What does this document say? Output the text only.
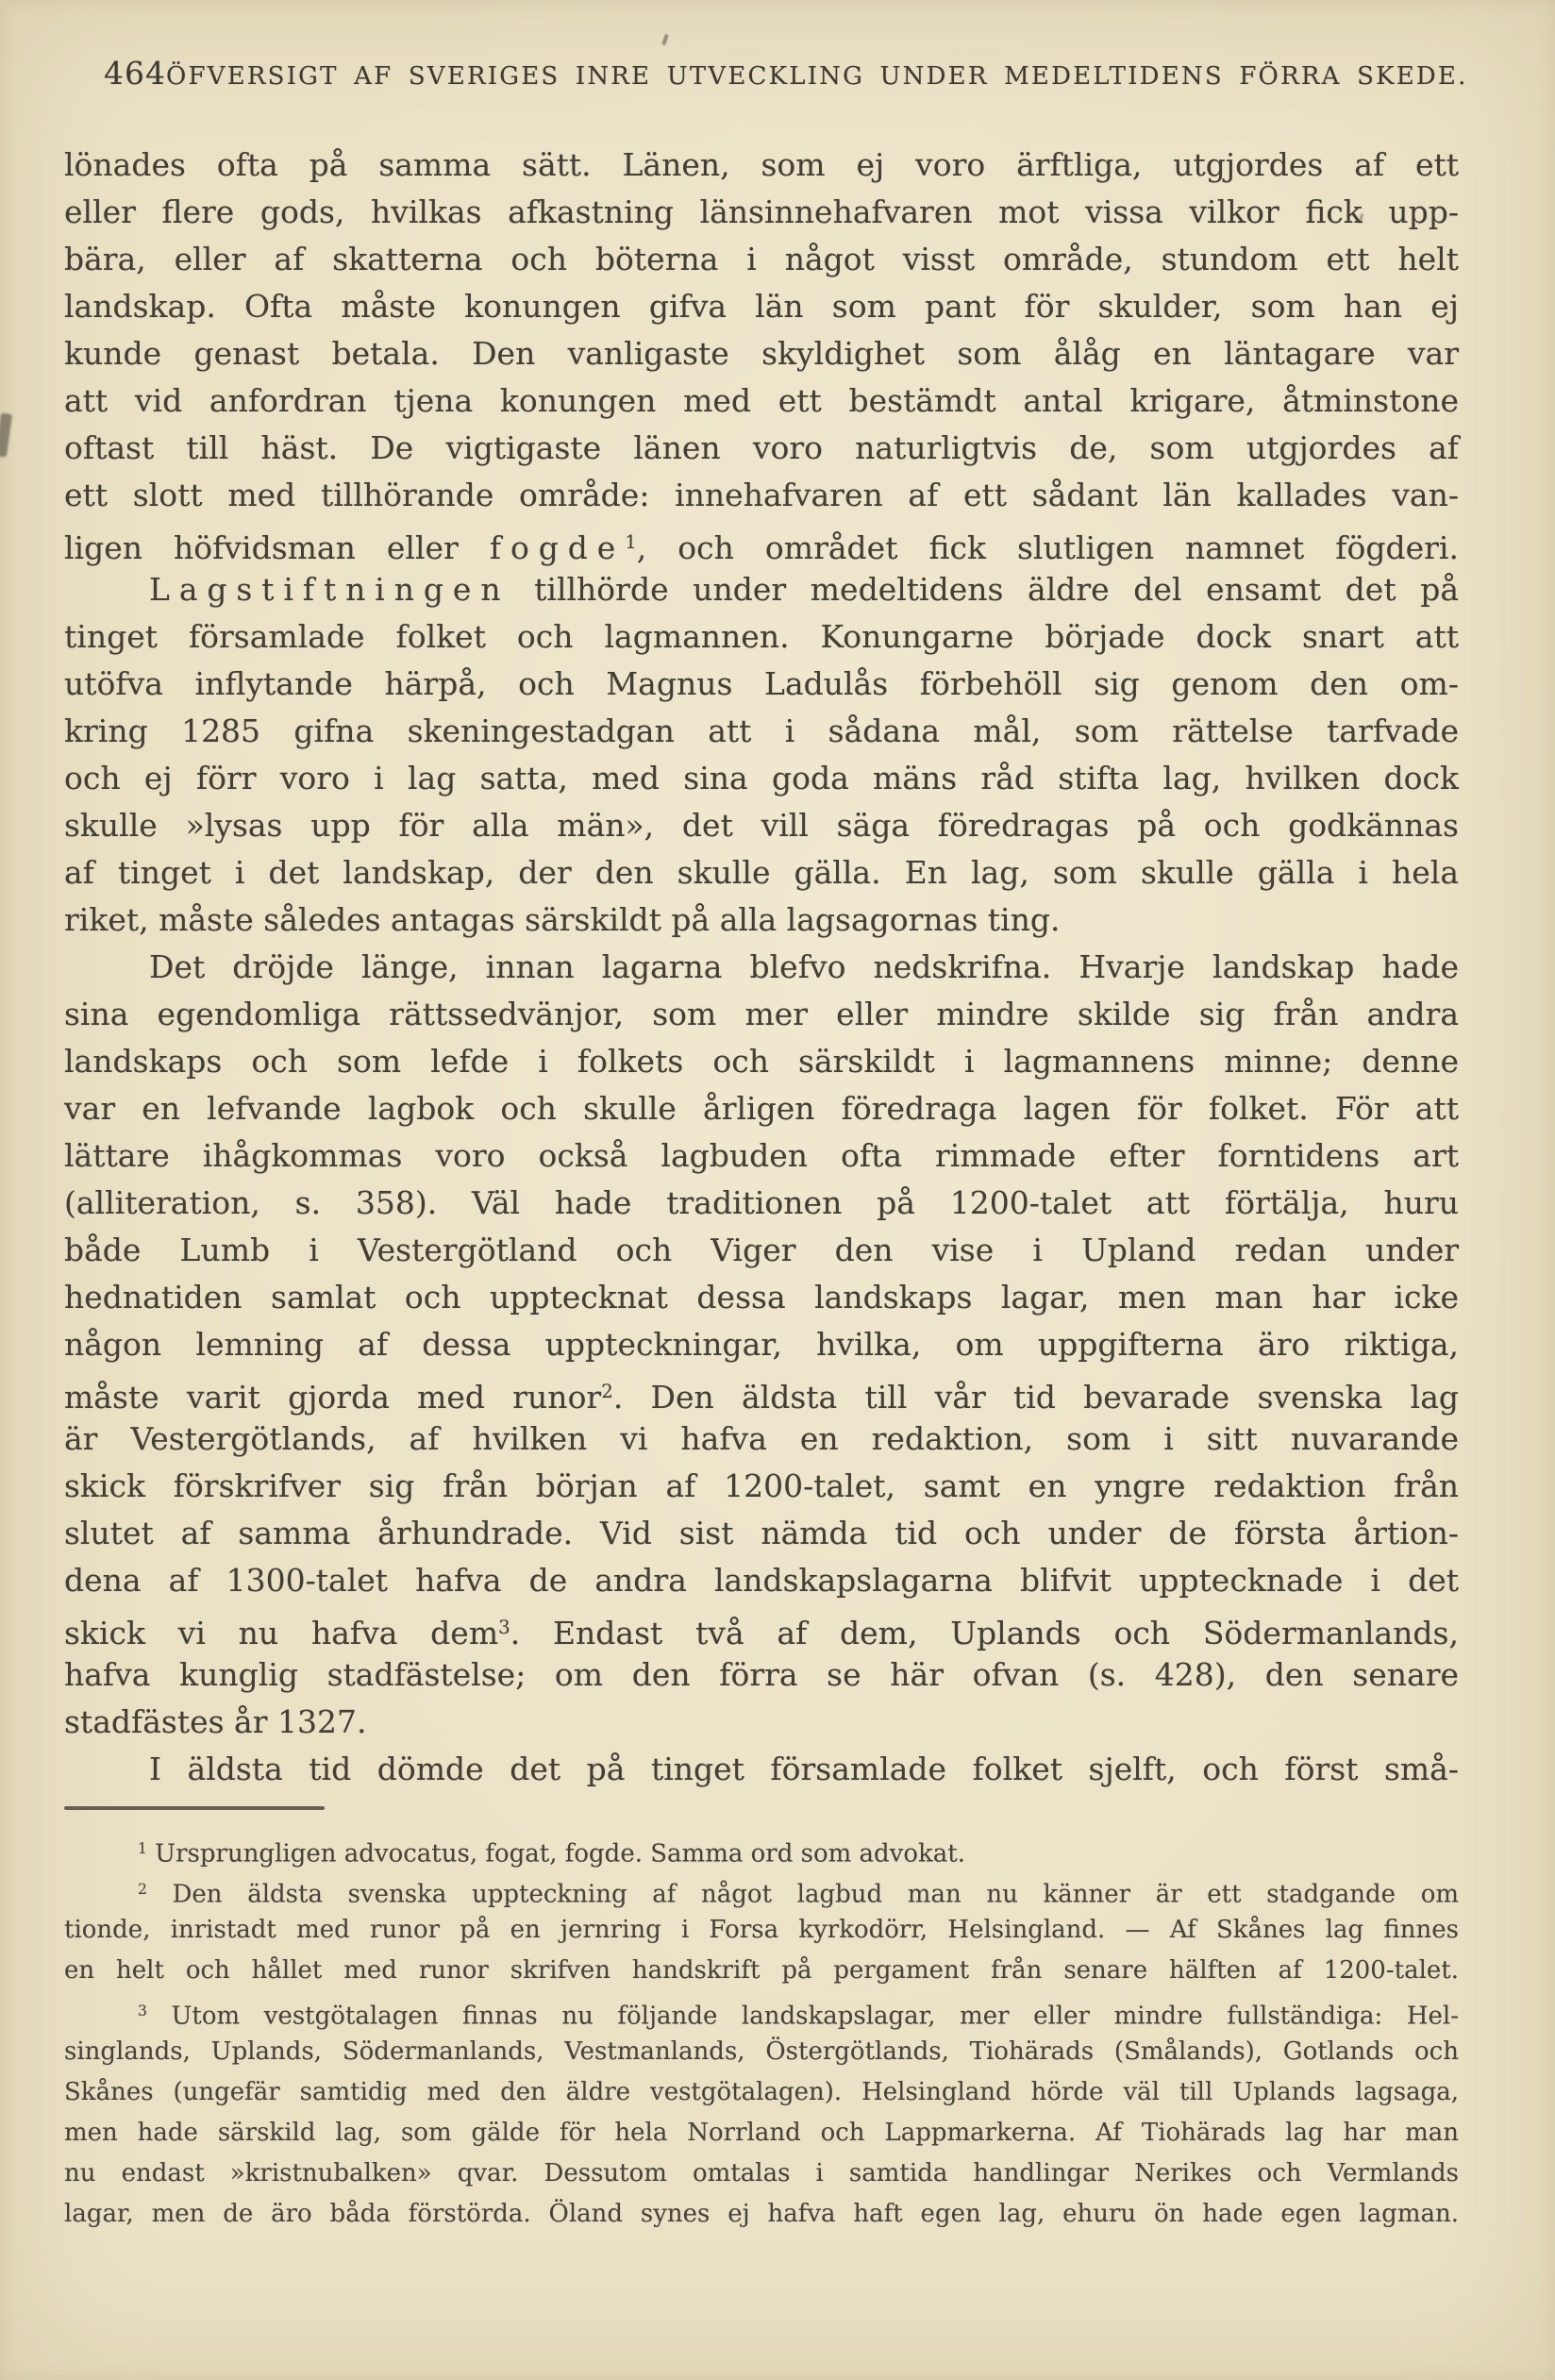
464 ÖFVERSIGT AF SVERIGES INRE UTVECKLING UNDER MEDELTIDENS FÖRRA SKEDE.
lönades ofta på samma sätt. Länen, som ej voro ärftliga, utgjordes af ett
eller flere gods, hvilkas afkastning länsinnehafvaren mot vissa vilkor fick upp-
bära, eller af skatterna och böterna i något visst område, stundom ett helt
landskap. Ofta måste konungen gifva län som pant för skulder, som han ej
kunde genast betala. Den vanligaste skyldighet som ålåg en läntagare var
att vid anfordran tjena konungen med ett bestämdt antal krigare, åtminstone
oftast till häst. De vigtigaste länen voro naturligtvis de, som utgjordes af
ett slott med tillhörande område: innehafvaren af ett sådant län kallades van-
ligen höfvidsman eller fogde$^1$, och området fick slutligen namnet fögderi.
Lagstiftningen tillhörde under medeltidens äldre del ensamt det på
tinget församlade folket och lagmannen. Konungarne började dock snart att
utöfva inflytande härpå, och Magnus Ladulås förbehöll sig genom den om-
kring 1285 gifna skeningestadgan att i sådana mål, som rättelse tarfvade
och ej förr voro i lag satta, med sina goda mäns råd stifta lag, hvilken dock
skulle »lysas upp för alla män», det vill säga föredragas på och godkännas
af tinget i det landskap, der den skulle gälla. En lag, som skulle gälla i hela
riket, måste således antagas särskildt på alla lagsagornas ting.
Det dröjde länge, innan lagarna blefvo nedskrifna. Hvarje landskap hade
sina egendomliga rättssedvänjor, som mer eller mindre skilde sig från andra
landskaps och som lefde i folkets och särskildt i lagmannens minne; denne
var en lefvande lagbok och skulle årligen föredraga lagen för folket. För att
lättare ihågkommas voro också lagbuden ofta rimmade efter forntidens art
(alliteration, s. 358). Väl hade traditionen på 1200-talet att förtälja, huru
både Lumb i Vestergötland och Viger den vise i Upland redan under
hednatiden samlat och upptecknat dessa landskaps lagar, men man har icke
någon lemning af dessa uppteckningar, hvilka, om uppgifterna äro riktiga,
måste varit gjorda med runor$^2$. Den äldsta till vår tid bevarade svenska lag
är Vestergötlands, af hvilken vi hafva en redaktion, som i sitt nuvarande
skick förskrifver sig från början af 1200-talet, samt en yngre redaktion från
slutet af samma århundrade. Vid sist nämda tid och under de första årtion-
dena af 1300-talet hafva de andra landskapslagarna blifvit upptecknade i det
skick vi nu hafva dem$^3$. Endast två af dem, Uplands och Södermanlands,
hafva kunglig stadfästelse; om den förra se här ofvan (s. 428), den senare
stadfästes år 1327.
I äldsta tid dömde det på tinget församlade folket sjelft, och först små-
$^1$ Ursprungligen advocatus, fogat, fogde. Samma ord som advokat.
$^2$ Den äldsta svenska uppteckning af något lagbud man nu känner är ett stadgande om
tionde, inristadt med runor på en jernring i Forsa kyrkodörr, Helsingland. — Af Skånes lag finnes
en helt och hållet med runor skrifven handskrift på pergament från senare hälften af 1200-talet.
$^3$ Utom vestgötalagen finnas nu följande landskapslagar, mer eller mindre fullständiga: Hel-
singlands, Uplands, Södermanlands, Vestmanlands, Östergötlands, Tiohärads (Smålands), Gotlands och
Skånes (ungefär samtidig med den äldre vestgötalagen). Helsingland hörde väl till Uplands lagsaga,
men hade särskild lag, som gälde för hela Norrland och Lappmarkerna. Af Tiohärads lag har man
nu endast »kristnubalken» qvar. Dessutom omtalas i samtida handlingar Nerikes och Vermlands
lagar, men de äro båda förstörda. Öland synes ej hafva haft egen lag, ehuru ön hade egen lagman.
